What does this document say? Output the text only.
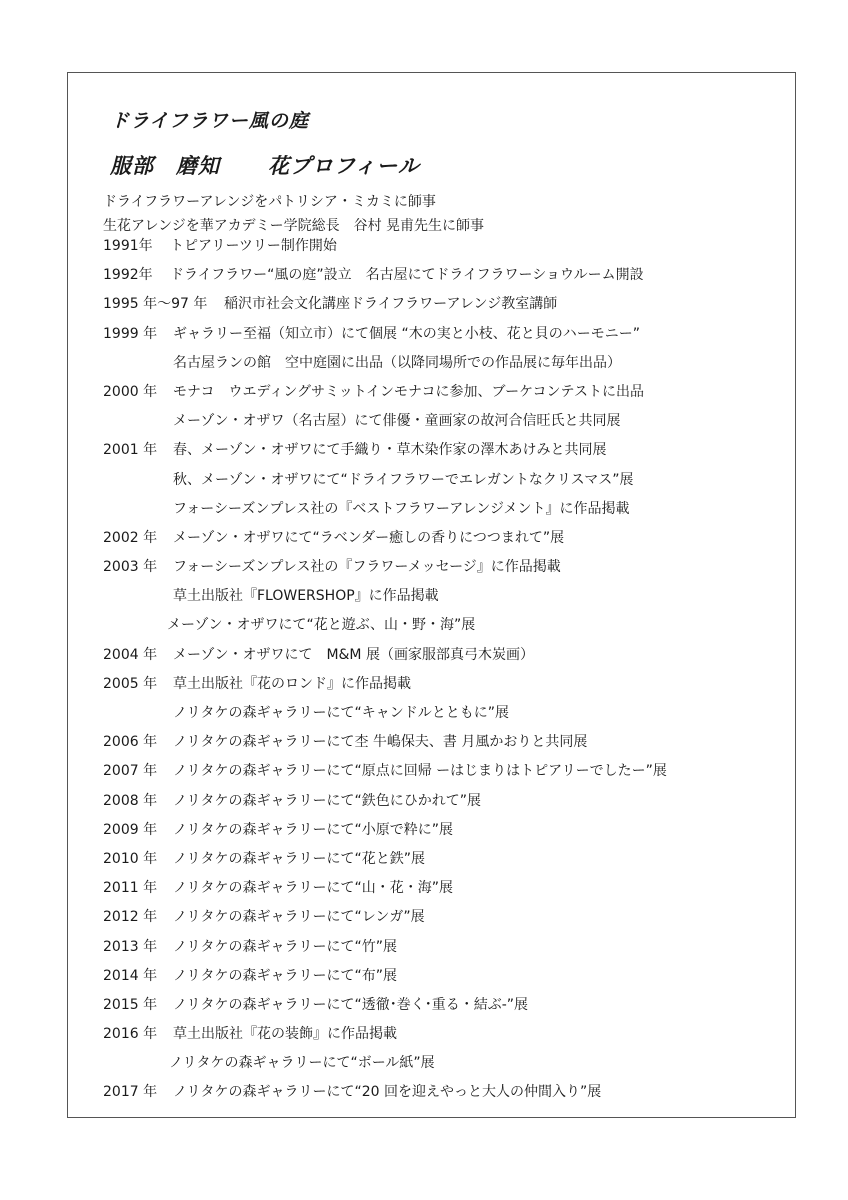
ドライフラワー風の庭
服部　磨知 花プロフィール
ドライフラワーアレンジをパトリシア・ミカミに師事
生花アレンジを華アカデミー学院総長　谷村 晃甫先生に師事
1991年 トピアリーツリー制作開始
1992年 ドライフラワー“風の庭”設立　名古屋にてドライフラワーショウルーム開設
1995 年〜97 年 稲沢市社会文化講座ドライフラワーアレンジ教室講師
1999 年 ギャラリー至福（知立市）にて個展 “木の実と小枝、花と貝のハーモニー”
名古屋ランの館　空中庭園に出品（以降同場所での作品展に毎年出品）
2000 年 モナコ　ウエディングサミットインモナコに参加、ブーケコンテストに出品
メーゾン・オザワ（名古屋）にて俳優・童画家の故河合信旺氏と共同展
2001 年 春、メーゾン・オザワにて手織り・草木染作家の澤木あけみと共同展
秋、メーゾン・オザワにて“ドライフラワーでエレガントなクリスマス”展
フォーシーズンプレス社の『ベストフラワーアレンジメント』に作品掲載
2002 年 メーゾン・オザワにて“ラベンダー癒しの香りにつつまれて”展
2003 年 フォーシーズンプレス社の『フラワーメッセージ』に作品掲載
草土出版社『FLOWERSHOP』に作品掲載
メーゾン・オザワにて“花と遊ぶ、山・野・海”展
2004 年 メーゾン・オザワにて　M&M 展（画家服部真弓木炭画）
2005 年 草土出版社『花のロンド』に作品掲載
ノリタケの森ギャラリーにて“キャンドルとともに”展
2006 年 ノリタケの森ギャラリーにて杢 牛嶋保夫、書 月風かおりと共同展
2007 年 ノリタケの森ギャラリーにて“原点に回帰 ーはじまりはトピアリーでしたー”展
2008 年 ノリタケの森ギャラリーにて“鉄色にひかれて”展
2009 年 ノリタケの森ギャラリーにて“小原で粋に”展
2010 年 ノリタケの森ギャラリーにて“花と鉄”展
2011 年 ノリタケの森ギャラリーにて“山・花・海”展
2012 年 ノリタケの森ギャラリーにて“レンガ”展
2013 年 ノリタケの森ギャラリーにて“竹”展
2014 年 ノリタケの森ギャラリーにて“布”展
2015 年 ノリタケの森ギャラリーにて“透徹･巻く･重る・結ぶ-”展
2016 年 草土出版社『花の装飾』に作品掲載
ノリタケの森ギャラリーにて“ボール紙”展
2017 年 ノリタケの森ギャラリーにて“20 回を迎えやっと大人の仲間入り”展
